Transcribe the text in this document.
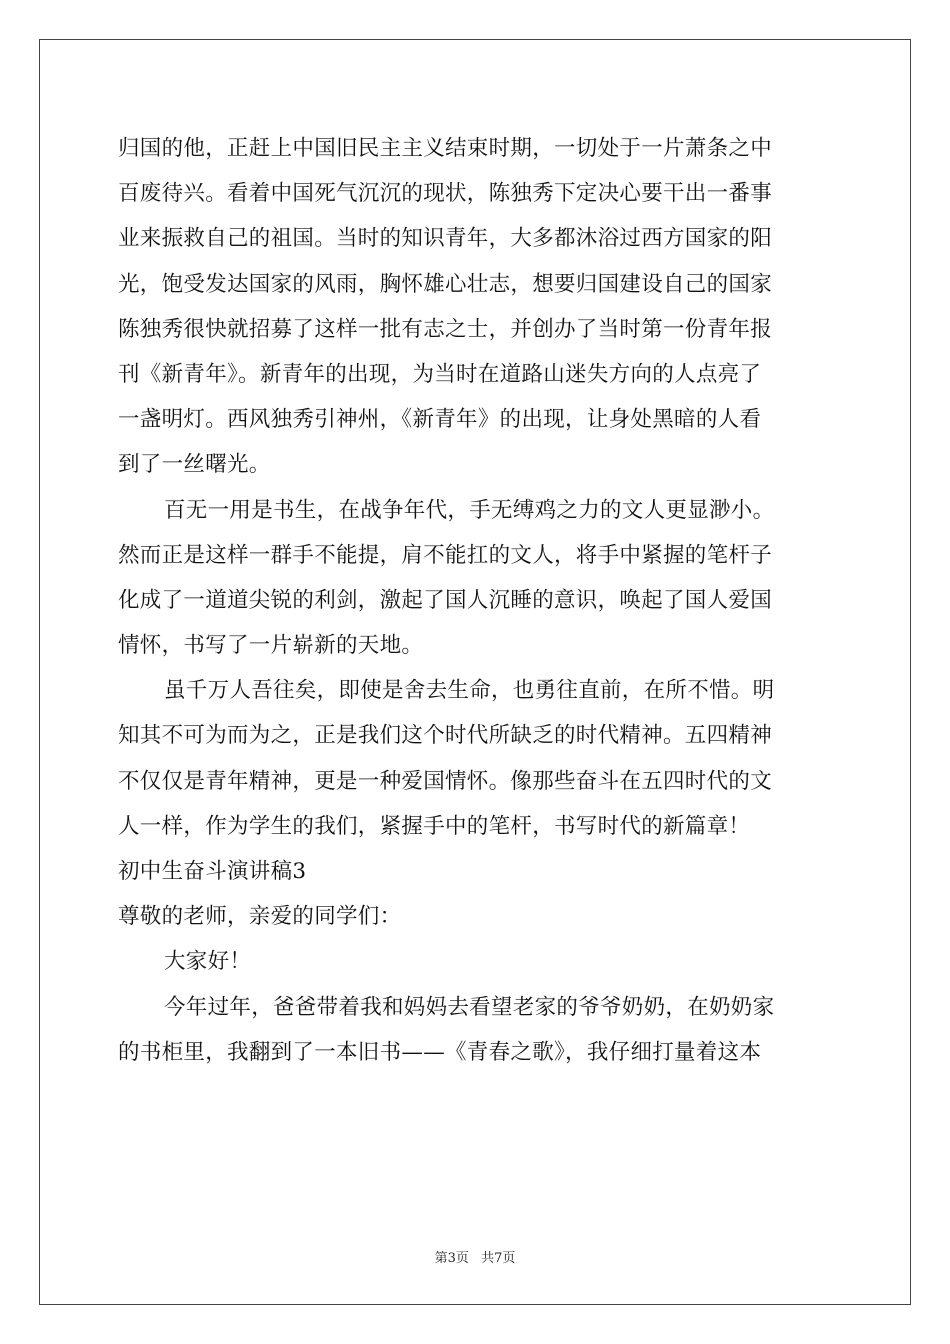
归国的他，正赶上中国旧民主主义结束时期，一切处于一片萧条之中
百废待兴。看着中国死气沉沉的现状，陈独秀下定决心要干出一番事
业来振救自己的祖国。当时的知识青年，大多都沐浴过西方国家的阳
光，饱受发达国家的风雨，胸怀雄心壮志，想要归国建设自己的国家
陈独秀很快就招募了这样一批有志之士，并创办了当时第一份青年报
刊《新青年》。新青年的出现，为当时在道路山迷失方向的人点亮了
一盏明灯。西风独秀引神州，《新青年》的出现，让身处黑暗的人看
到了一丝曙光。
百无一用是书生，在战争年代，手无缚鸡之力的文人更显渺小。
然而正是这样一群手不能提，肩不能扛的文人，将手中紧握的笔杆子
化成了一道道尖锐的利剑，激起了国人沉睡的意识，唤起了国人爱国
情怀，书写了一片崭新的天地。
虽千万人吾往矣，即使是舍去生命，也勇往直前，在所不惜。明
知其不可为而为之，正是我们这个时代所缺乏的时代精神。五四精神
不仅仅是青年精神，更是一种爱国情怀。像那些奋斗在五四时代的文
人一样，作为学生的我们，紧握手中的笔杆，书写时代的新篇章！
初中生奋斗演讲稿3
尊敬的老师，亲爱的同学们：
大家好！
今年过年，爸爸带着我和妈妈去看望老家的爷爷奶奶，在奶奶家
的书柜里，我翻到了一本旧书——《青春之歌》，我仔细打量着这本
第3页 共7页
